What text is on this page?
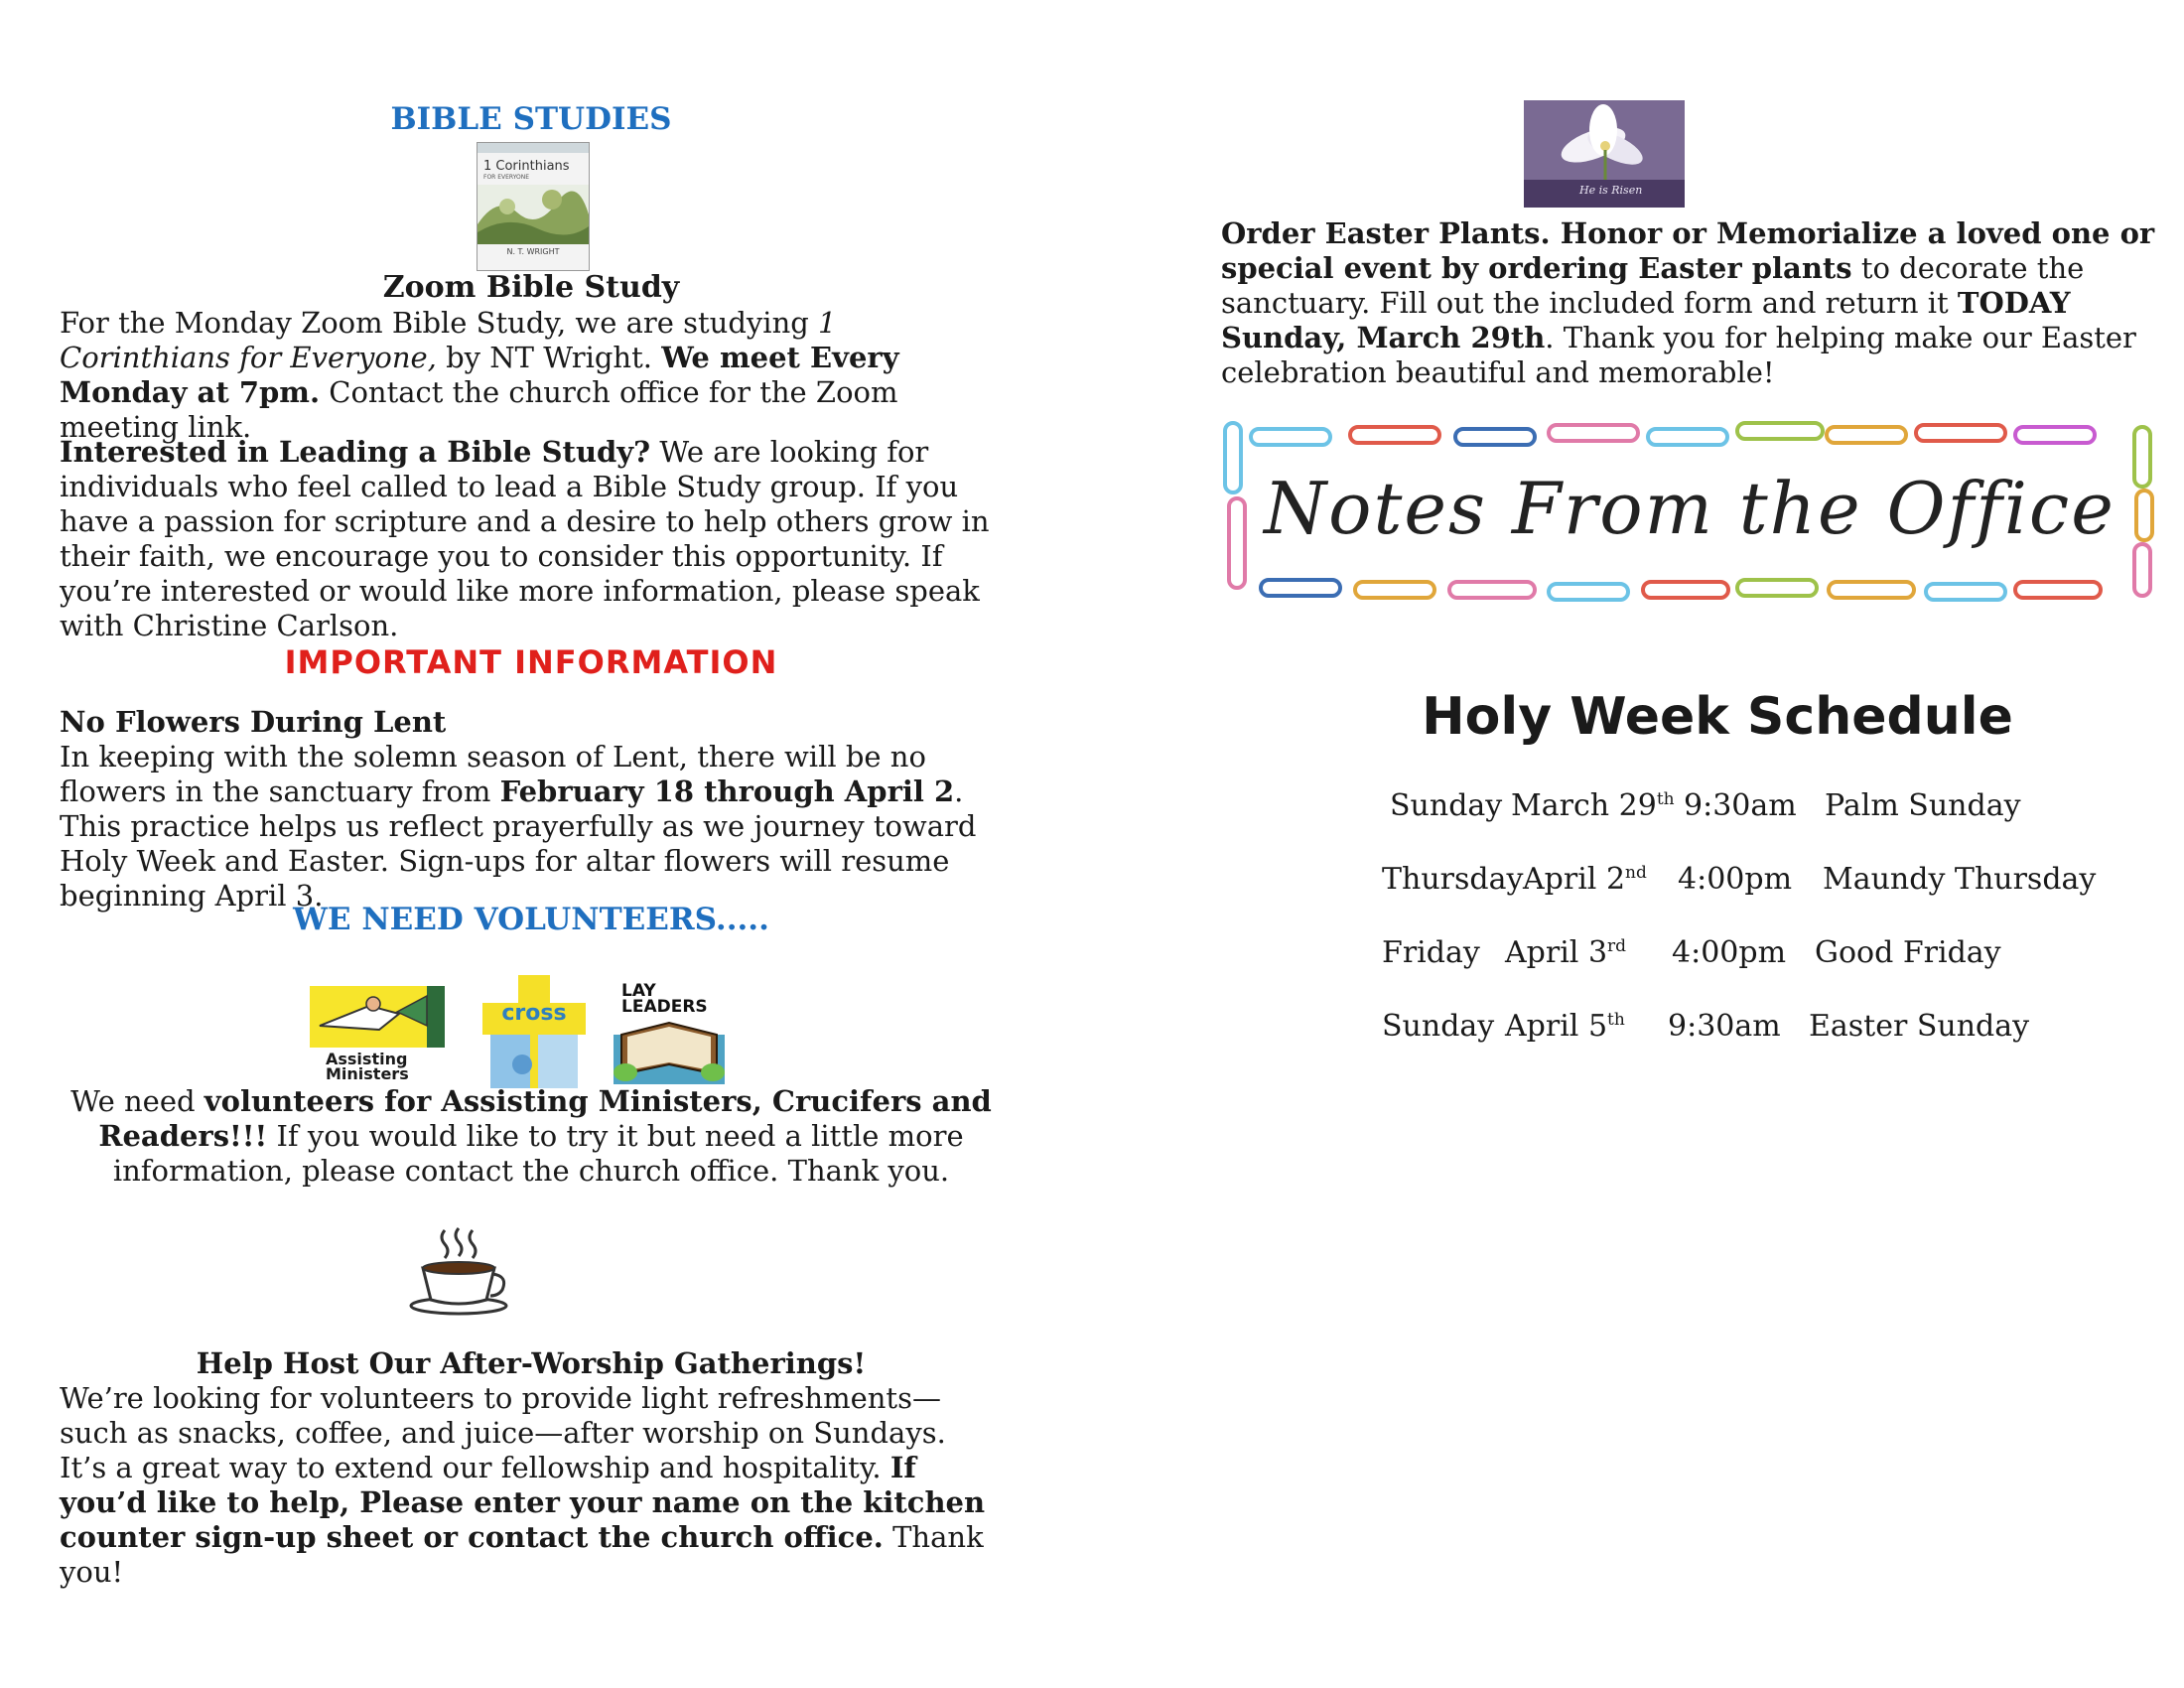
BIBLE STUDIES
1 Corinthians
FOR EVERYONE
N. T. WRIGHT
Zoom Bible Study
For the Monday Zoom Bible Study, we are studying 1 Corinthians for Everyone, by NT Wright. We meet Every Monday at 7pm. Contact the church office for the Zoom meeting link.
Interested in Leading a Bible Study? We are looking for individuals who feel called to lead a Bible Study group. If you have a passion for scripture and a desire to help others grow in their faith, we encourage you to consider this opportunity. If you’re interested or would like more information, please speak with Christine Carlson.
IMPORTANT INFORMATION
No Flowers During Lent
In keeping with the solemn season of Lent, there will be no flowers in the sanctuary from February 18 through April 2. This practice helps us reflect prayerfully as we journey toward Holy Week and Easter. Sign-ups for altar flowers will resume beginning April 3.
WE NEED VOLUNTEERS.....
Assisting
Ministers
cross
LAY
LEADERS
We need volunteers for Assisting Ministers, Crucifers and Readers!!! If you would like to try it but need a little more information, please contact the church office. Thank you.
Help Host Our After-Worship Gatherings!
We’re looking for volunteers to provide light refreshments—such as snacks, coffee, and juice—after worship on Sundays. It’s a great way to extend our fellowship and hospitality. If you’d like to help, Please enter your name on the kitchen counter sign-up sheet or contact the church office. Thank you!
He is Risen
Order Easter Plants. Honor or Memorialize a loved one or special event by ordering Easter plants to decorate the sanctuary. Fill out the included form and return it TODAY Sunday, March 29th. Thank you for helping make our Easter celebration beautiful and memorable!
Notes From the Office
Holy Week Schedule
Sunday March 29th 9:30am Palm Sunday
Thursday April 2nd 4:00pm Maundy Thursday
Friday April 3rd 4:00pm Good Friday
Sunday April 5th 9:30am Easter Sunday
